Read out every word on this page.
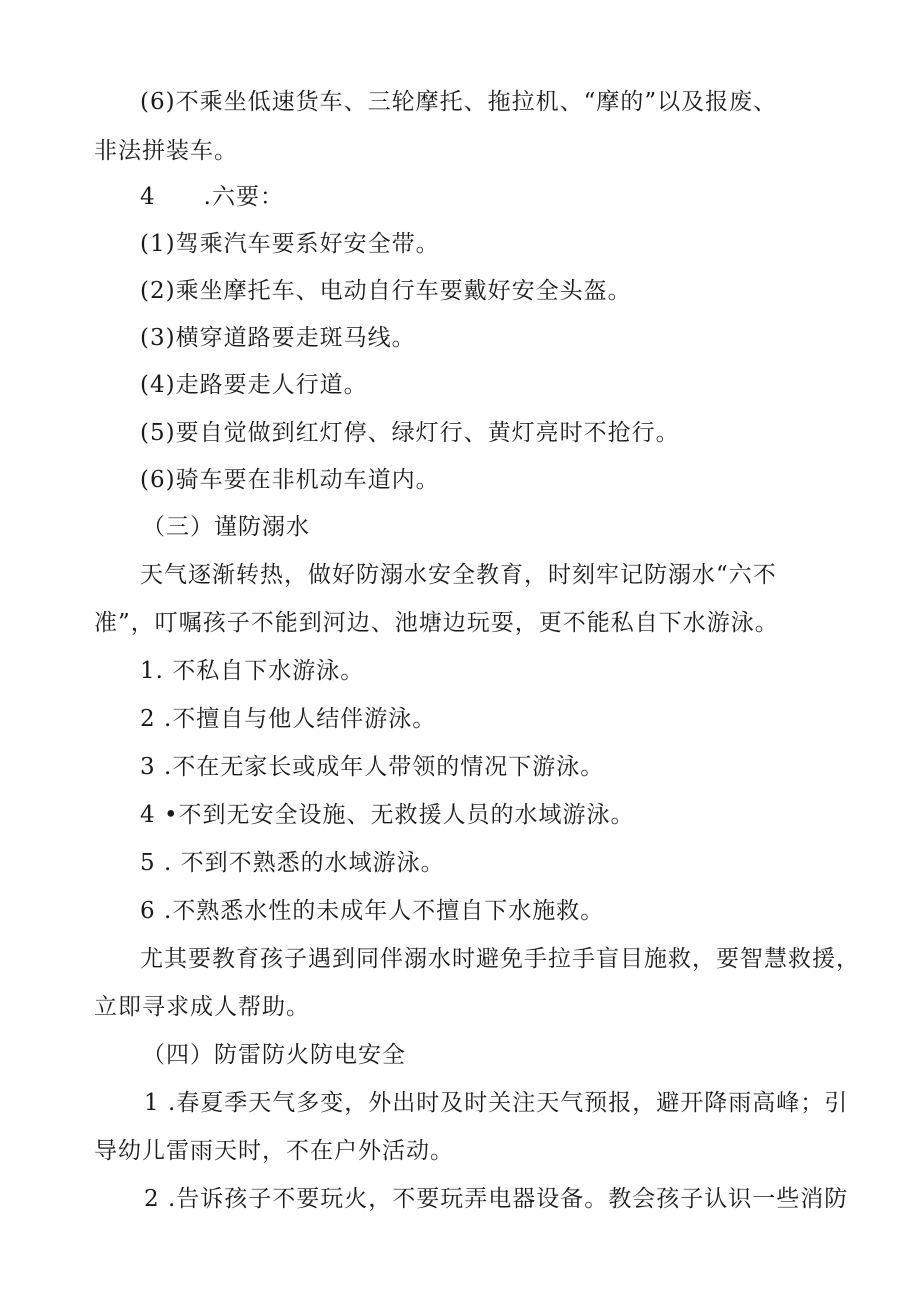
(6)不乘坐低速货车、三轮摩托、拖拉机、“摩的”以及报废、
非法拼装车。
4　　.六要：
(1)驾乘汽车要系好安全带。
(2)乘坐摩托车、电动自行车要戴好安全头盔。
(3)横穿道路要走斑马线。
(4)走路要走人行道。
(5)要自觉做到红灯停、绿灯行、黄灯亮时不抢行。
(6)骑车要在非机动车道内。
（三）谨防溺水
天气逐渐转热，做好防溺水安全教育，时刻牢记防溺水“六不
准”，叮嘱孩子不能到河边、池塘边玩耍，更不能私自下水游泳。
1. 不私自下水游泳。
2 .不擅自与他人结伴游泳。
3 .不在无家长或成年人带领的情况下游泳。
4 •不到无安全设施、无救援人员的水域游泳。
5 . 不到不熟悉的水域游泳。
6 .不熟悉水性的未成年人不擅自下水施救。
尤其要教育孩子遇到同伴溺水时避免手拉手盲目施救，要智慧救援，
立即寻求成人帮助。
（四）防雷防火防电安全
1 .春夏季天气多变，外出时及时关注天气预报，避开降雨高峰；引
导幼儿雷雨天时，不在户外活动。
2 .告诉孩子不要玩火，不要玩弄电器设备。教会孩子认识一些消防
